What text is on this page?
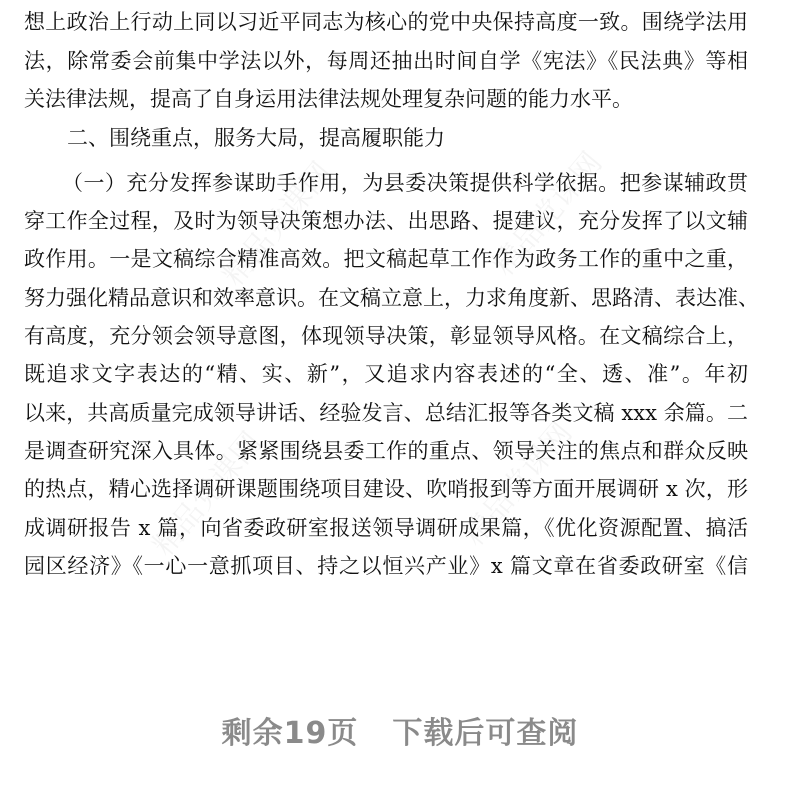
想上政治上行动上同以习近平同志为核心的党中央保持高度一致。围绕学法用
法，除常委会前集中学法以外，每周还抽出时间自学《宪法》《民法典》等相
关法律法规，提高了自身运用法律法规处理复杂问题的能力水平。
二、围绕重点，服务大局，提高履职能力
（一）充分发挥参谋助手作用，为县委决策提供科学依据。把参谋辅政贯
穿工作全过程，及时为领导决策想办法、出思路、提建议，充分发挥了以文辅
政作用。一是文稿综合精准高效。把文稿起草工作作为政务工作的重中之重，
努力强化精品意识和效率意识。在文稿立意上，力求角度新、思路清、表达准、
有高度，充分领会领导意图，体现领导决策，彰显领导风格。在文稿综合上，
既追求文字表达的“精、实、新”，又追求内容表述的“全、透、准”。年初
以来，共高质量完成领导讲话、经验发言、总结汇报等各类文稿 xxx 余篇。二
是调查研究深入具体。紧紧围绕县委工作的重点、领导关注的焦点和群众反映
的热点，精心选择调研课题围绕项目建设、吹哨报到等方面开展调研 x 次，形
成调研报告 x 篇，向省委政研室报送领导调研成果篇，《优化资源配置、搞活
园区经济》《一心一意抓项目、持之以恒兴产业》x 篇文章在省委政研室《信
剩余19页 下载后可查阅
